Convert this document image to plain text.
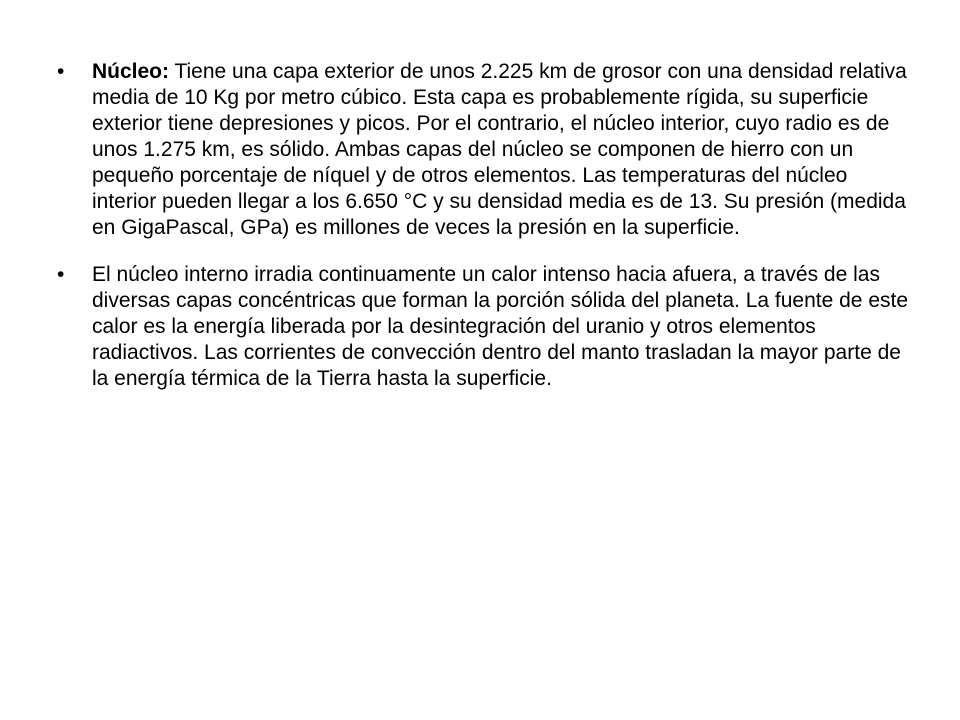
• Núcleo: Tiene una capa exterior de unos 2.225 km de grosor con una densidad relativa media de 10 Kg por metro cúbico. Esta capa es probablemente rígida, su superficie exterior tiene depresiones y picos. Por el contrario, el núcleo interior, cuyo radio es de unos 1.275 km, es sólido. Ambas capas del núcleo se componen de hierro con un pequeño porcentaje de níquel y de otros elementos. Las temperaturas del núcleo interior pueden llegar a los 6.650 °C y su densidad media es de 13. Su presión (medida en GigaPascal, GPa) es millones de veces la presión en la superficie.
• El núcleo interno irradia continuamente un calor intenso hacia afuera, a través de las diversas capas concéntricas que forman la porción sólida del planeta. La fuente de este calor es la energía liberada por la desintegración del uranio y otros elementos radiactivos. Las corrientes de convección dentro del manto trasladan la mayor parte de la energía térmica de la Tierra hasta la superficie.
